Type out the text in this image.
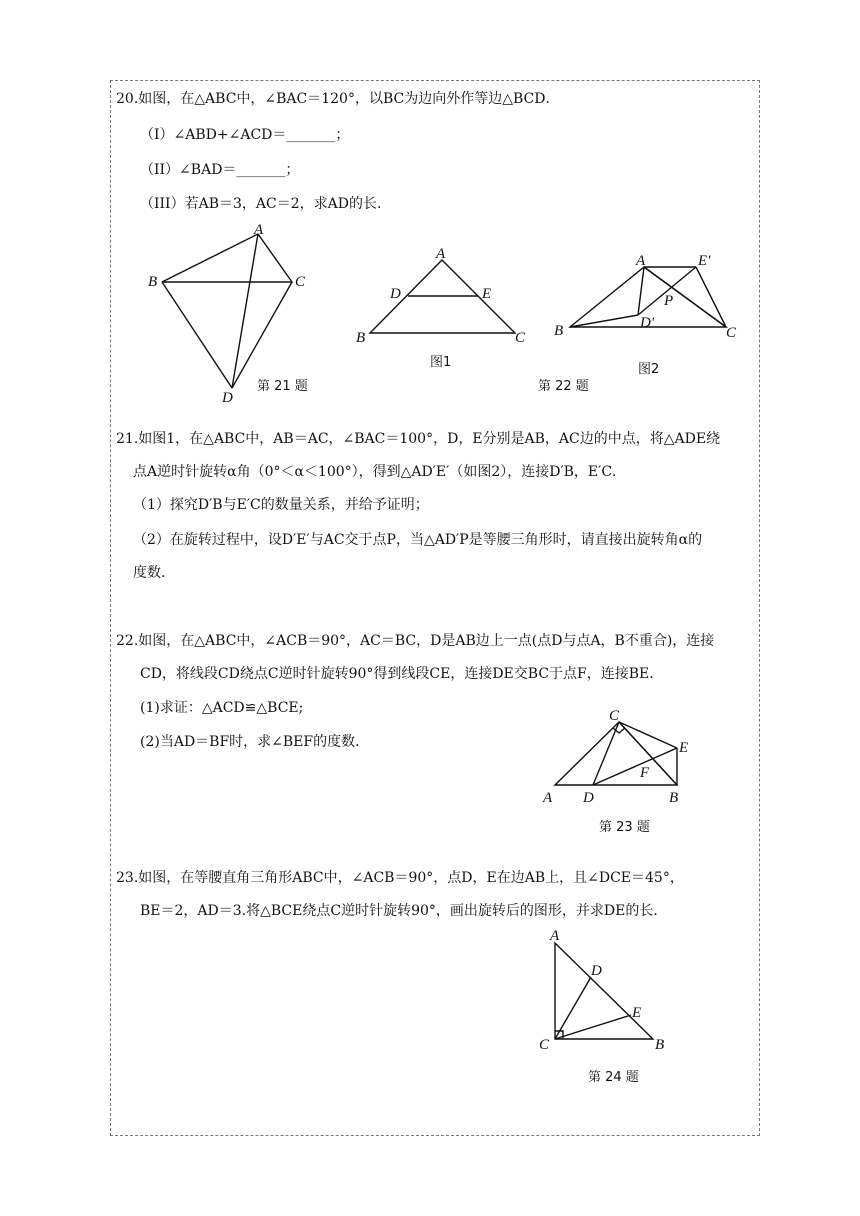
20.如图，在△ABC中，∠BAC＝120°，以BC为边向外作等边△BCD．
（I）∠ABD+∠ACD＝_______；
（II）∠BAD＝_______；
（III）若AB＝3，AC＝2，求AD的长．
A
B	C
D
第 21 题
A
D	E
B	C
图1
A	E'
P
D'
B	C
图2
第 22 题
21.如图1，在△ABC中，AB＝AC，∠BAC＝100°，D，E分别是AB，AC边的中点，将△ADE绕
点A逆时针旋转α角（0°＜α＜100°），得到△AD′E′（如图2），连接D′B，E′C．
（1）探究D′B与E′C的数量关系，并给予证明；
（2）在旋转过程中，设D′E′与AC交于点P，当△AD′P是等腰三角形时，请直接出旋转角α的
度数．
22.如图，在△ABC中，∠ACB＝90°，AC＝BC，D是AB边上一点(点D与点A，B不重合)，连接
CD，将线段CD绕点C逆时针旋转90°得到线段CE，连接DE交BC于点F，连接BE.
(1)求证：△ACD≌△BCE;
(2)当AD＝BF时，求∠BEF的度数．
C
E
F
A D	B
第 23 题
23.如图，在等腰直角三角形ABC中，∠ACB＝90°，点D，E在边AB上，且∠DCE＝45°，
BE＝2，AD＝3.将△BCE绕点C逆时针旋转90°，画出旋转后的图形，并求DE的长．
A
D
E
C	B
第 24 题
